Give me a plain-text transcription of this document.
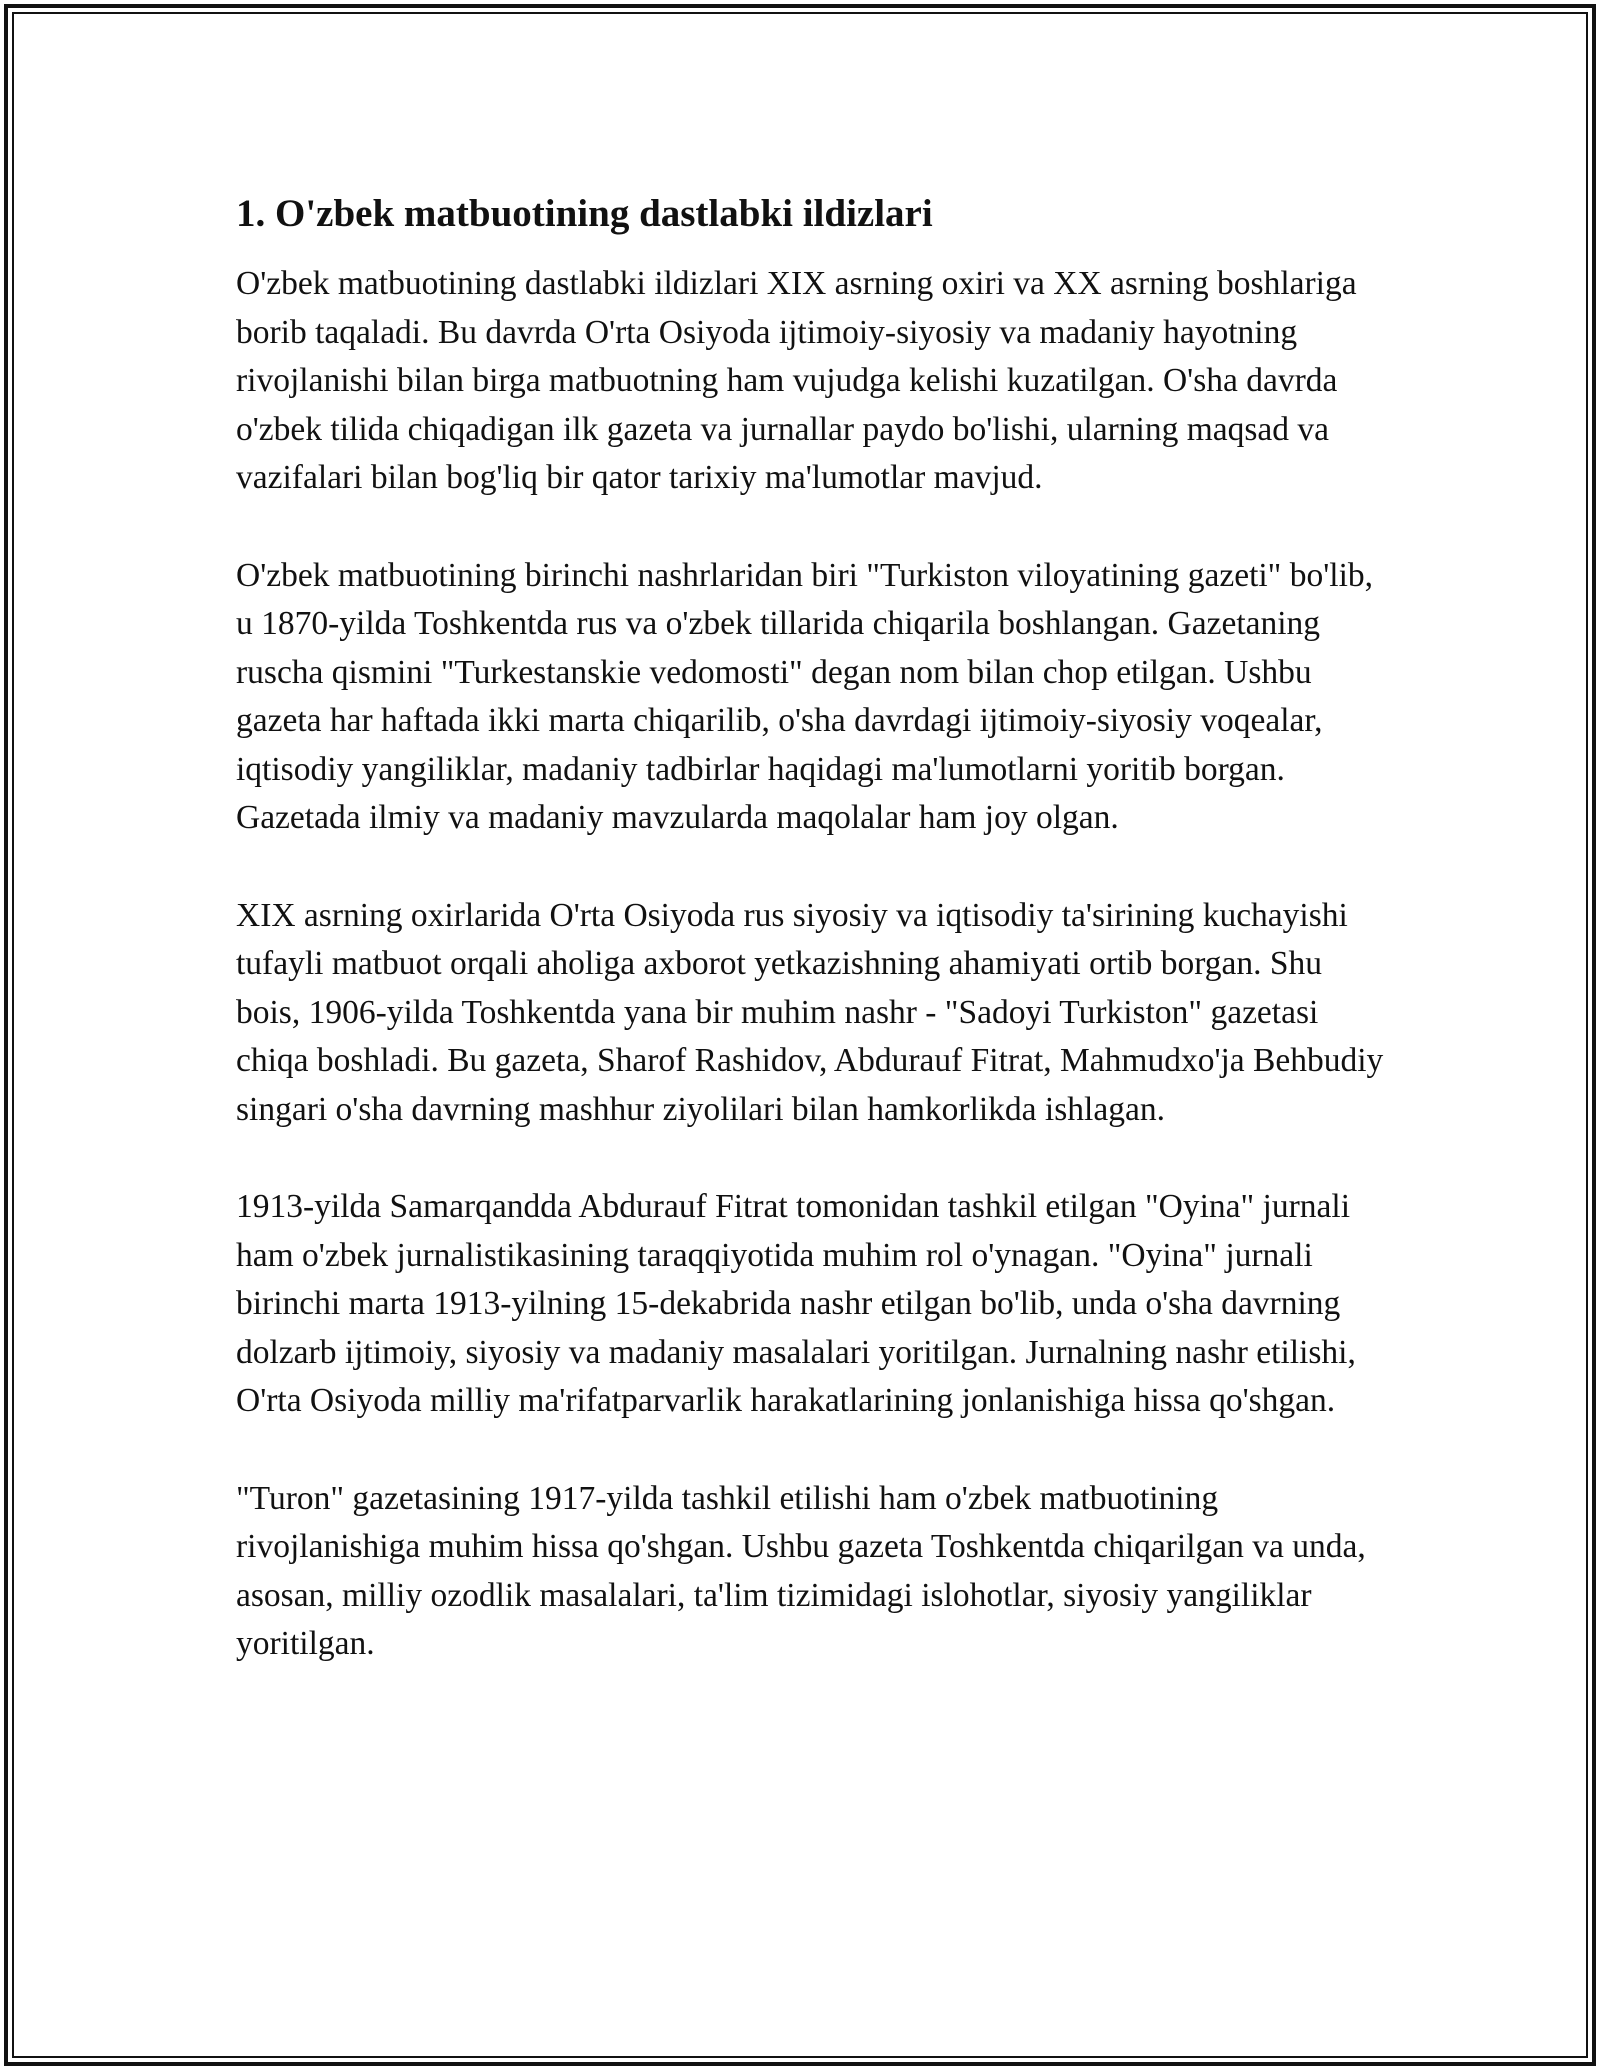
1. O'zbek matbuotining dastlabki ildizlari

O'zbek matbuotining dastlabki ildizlari XIX asrning oxiri va XX asrning boshlariga borib taqaladi. Bu davrda O'rta Osiyoda ijtimoiy-siyosiy va madaniy hayotning rivojlanishi bilan birga matbuotning ham vujudga kelishi kuzatilgan. O'sha davrda o'zbek tilida chiqadigan ilk gazeta va jurnallar paydo bo'lishi, ularning maqsad va vazifalari bilan bog'liq bir qator tarixiy ma'lumotlar mavjud.

O'zbek matbuotining birinchi nashrlaridan biri "Turkiston viloyatining gazeti" bo'lib, u 1870-yilda Toshkentda rus va o'zbek tillarida chiqarila boshlangan. Gazetaning ruscha qismini "Turkestanskie vedomosti" degan nom bilan chop etilgan. Ushbu gazeta har haftada ikki marta chiqarilib, o'sha davrdagi ijtimoiy-siyosiy voqealar, iqtisodiy yangiliklar, madaniy tadbirlar haqidagi ma'lumotlarni yoritib borgan. Gazetada ilmiy va madaniy mavzularda maqolalar ham joy olgan.

XIX asrning oxirlarida O'rta Osiyoda rus siyosiy va iqtisodiy ta'sirining kuchayishi tufayli matbuot orqali aholiga axborot yetkazishning ahamiyati ortib borgan. Shu bois, 1906-yilda Toshkentda yana bir muhim nashr - "Sadoyi Turkiston" gazetasi chiqa boshladi. Bu gazeta, Sharof Rashidov, Abdurauf Fitrat, Mahmudxo'ja Behbudiy singari o'sha davrning mashhur ziyolilari bilan hamkorlikda ishlagan.

1913-yilda Samarqandda Abdurauf Fitrat tomonidan tashkil etilgan "Oyina" jurnali ham o'zbek jurnalistikasining taraqqiyotida muhim rol o'ynagan. "Oyina" jurnali birinchi marta 1913-yilning 15-dekabrida nashr etilgan bo'lib, unda o'sha davrning dolzarb ijtimoiy, siyosiy va madaniy masalalari yoritilgan. Jurnalning nashr etilishi, O'rta Osiyoda milliy ma'rifatparvarlik harakatlarining jonlanishiga hissa qo'shgan.

"Turon" gazetasining 1917-yilda tashkil etilishi ham o'zbek matbuotining rivojlanishiga muhim hissa qo'shgan. Ushbu gazeta Toshkentda chiqarilgan va unda, asosan, milliy ozodlik masalalari, ta'lim tizimidagi islohotlar, siyosiy yangiliklar yoritilgan.
